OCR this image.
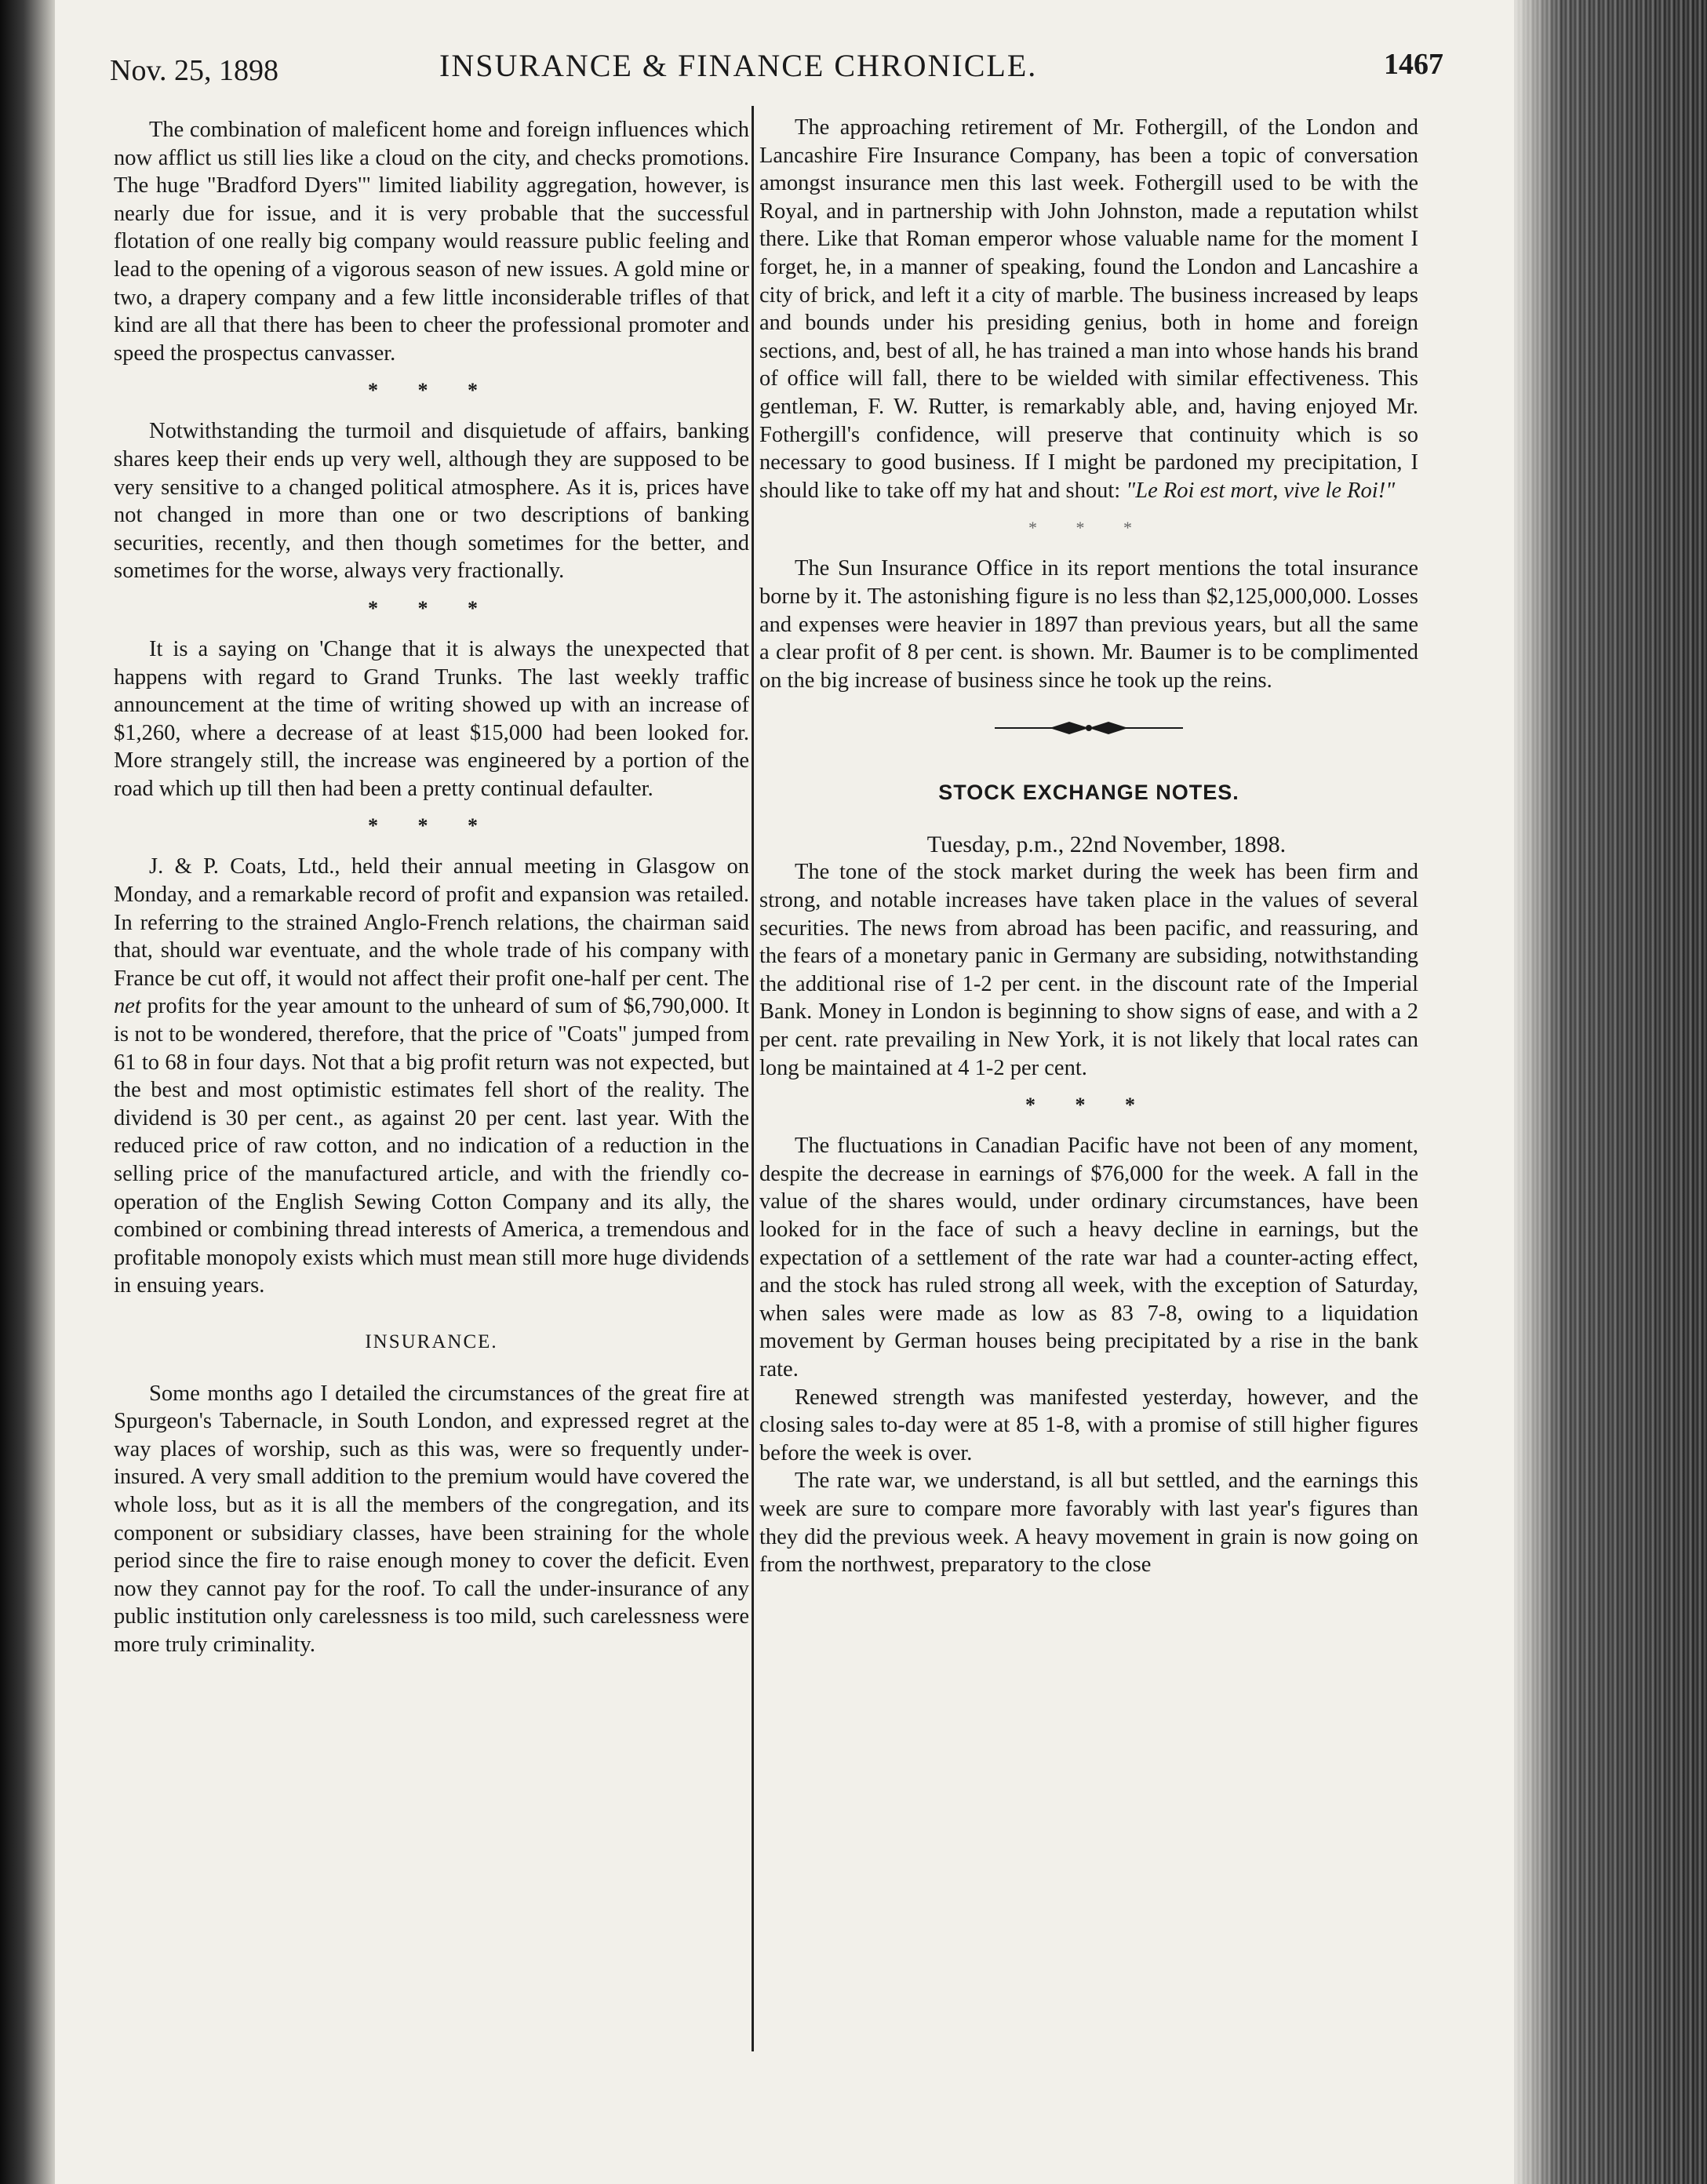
Nov. 25, 1898	INSURANCE & FINANCE CHRONICLE.	1467

The combination of maleficent home and foreign influences which now afflict us still lies like a cloud on the city, and checks promotions. The huge "Bradford Dyers'" limited liability aggregation, however, is nearly due for issue, and it is very probable that the successful flotation of one really big company would reassure public feeling and lead to the opening of a vigorous season of new issues. A gold mine or two, a drapery company and a few little inconsiderable trifles of that kind are all that there has been to cheer the professional promoter and speed the prospectus canvasser.

* * *

Notwithstanding the turmoil and disquietude of affairs, banking shares keep their ends up very well, although they are supposed to be very sensitive to a changed political atmosphere. As it is, prices have not changed in more than one or two descriptions of banking securities, recently, and then though sometimes for the better, and sometimes for the worse, always very fractionally.

* * *

It is a saying on 'Change that it is always the unexpected that happens with regard to Grand Trunks. The last weekly traffic announcement at the time of writing showed up with an increase of $1,260, where a decrease of at least $15,000 had been looked for. More strangely still, the increase was engineered by a portion of the road which up till then had been a pretty continual defaulter.

* * *

J. & P. Coats, Ltd., held their annual meeting in Glasgow on Monday, and a remarkable record of profit and expansion was retailed. In referring to the strained Anglo-French relations, the chairman said that, should war eventuate, and the whole trade of his company with France be cut off, it would not affect their profit one-half per cent. The net profits for the year amount to the unheard of sum of $6,790,000. It is not to be wondered, therefore, that the price of "Coats" jumped from 61 to 68 in four days. Not that a big profit return was not expected, but the best and most optimistic estimates fell short of the reality. The dividend is 30 per cent., as against 20 per cent. last year. With the reduced price of raw cotton, and no indication of a reduction in the selling price of the manufactured article, and with the friendly co-operation of the English Sewing Cotton Company and its ally, the combined or combining thread interests of America, a tremendous and profitable monopoly exists which must mean still more huge dividends in ensuing years.

INSURANCE.

Some months ago I detailed the circumstances of the great fire at Spurgeon's Tabernacle, in South London, and expressed regret at the way places of worship, such as this was, were so frequently under-insured. A very small addition to the premium would have covered the whole loss, but as it is all the members of the congregation, and its component or subsidiary classes, have been straining for the whole period since the fire to raise enough money to cover the deficit. Even now they cannot pay for the roof. To call the under-insurance of any public institution only carelessness is too mild, such carelessness were more truly criminality.

The approaching retirement of Mr. Fothergill, of the London and Lancashire Fire Insurance Company, has been a topic of conversation amongst insurance men this last week. Fothergill used to be with the Royal, and in partnership with John Johnston, made a reputation whilst there. Like that Roman emperor whose valuable name for the moment I forget, he, in a manner of speaking, found the London and Lancashire a city of brick, and left it a city of marble. The business increased by leaps and bounds under his presiding genius, both in home and foreign sections, and, best of all, he has trained a man into whose hands his brand of office will fall, there to be wielded with similar effectiveness. This gentleman, F. W. Rutter, is remarkably able, and, having enjoyed Mr. Fothergill's confidence, will preserve that continuity which is so necessary to good business. If I might be pardoned my precipitation, I should like to take off my hat and shout: "Le Roi est mort, vive le Roi!"

* * *

The Sun Insurance Office in its report mentions the total insurance borne by it. The astonishing figure is no less than $2,125,000,000. Losses and expenses were heavier in 1897 than previous years, but all the same a clear profit of 8 per cent. is shown. Mr. Baumer is to be complimented on the big increase of business since he took up the reins.

STOCK EXCHANGE NOTES.

Tuesday, p.m., 22nd November, 1898.

The tone of the stock market during the week has been firm and strong, and notable increases have taken place in the values of several securities. The news from abroad has been pacific, and reassuring, and the fears of a monetary panic in Germany are subsiding, notwithstanding the additional rise of 1-2 per cent. in the discount rate of the Imperial Bank. Money in London is beginning to show signs of ease, and with a 2 per cent. rate prevailing in New York, it is not likely that local rates can long be maintained at 4 1-2 per cent.

* * *

The fluctuations in Canadian Pacific have not been of any moment, despite the decrease in earnings of $76,000 for the week. A fall in the value of the shares would, under ordinary circumstances, have been looked for in the face of such a heavy decline in earnings, but the expectation of a settlement of the rate war had a counter-acting effect, and the stock has ruled strong all week, with the exception of Saturday, when sales were made as low as 83 7-8, owing to a liquidation movement by German houses being precipitated by a rise in the bank rate.

Renewed strength was manifested yesterday, however, and the closing sales to-day were at 85 1-8, with a promise of still higher figures before the week is over.

The rate war, we understand, is all but settled, and the earnings this week are sure to compare more favorably with last year's figures than they did the previous week. A heavy movement in grain is now going on from the northwest, preparatory to the close
